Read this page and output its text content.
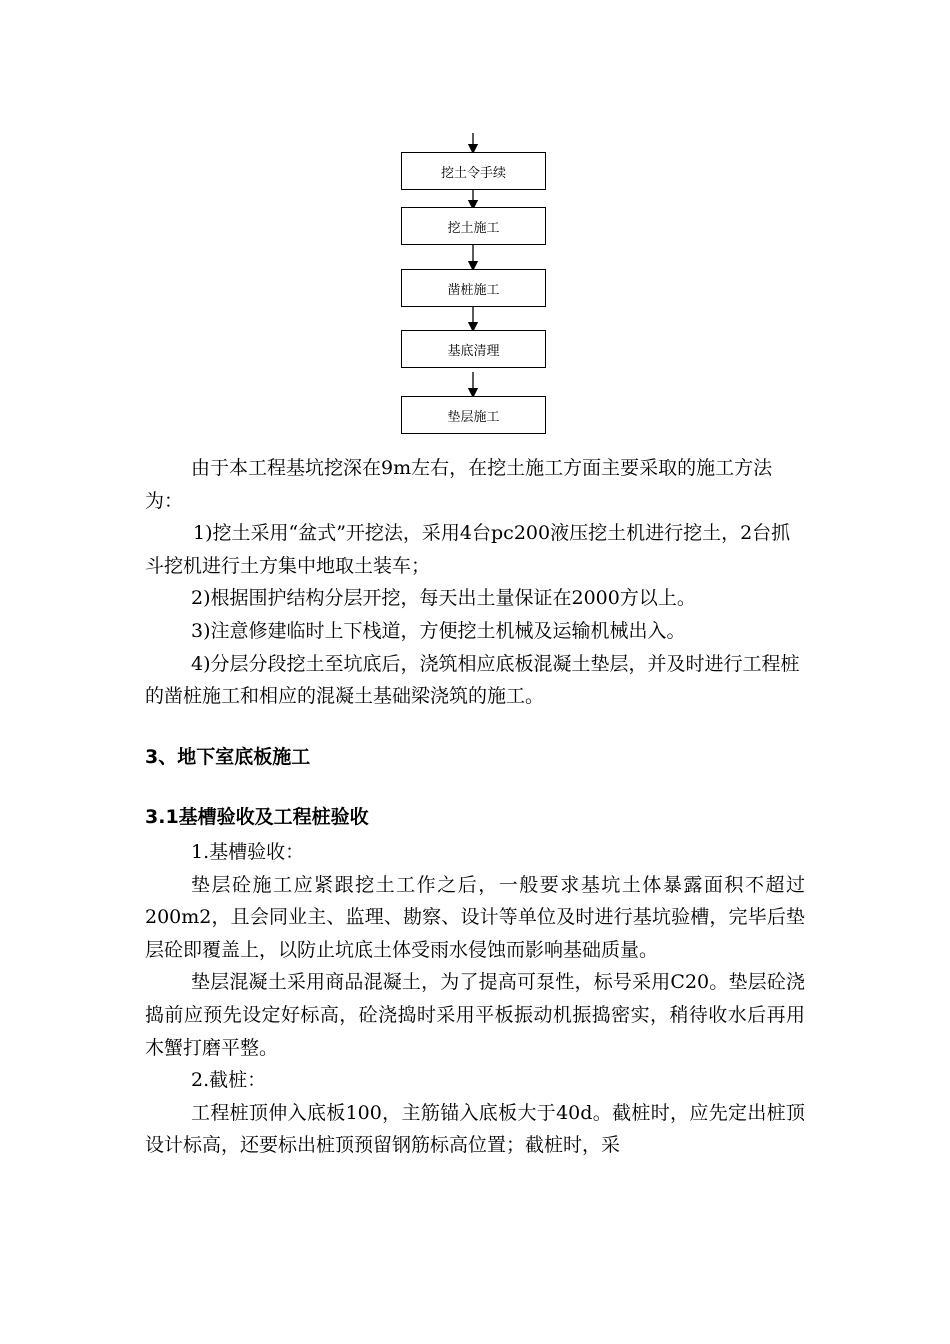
挖土令手续
挖土施工
凿桩施工
基底清理
垫层施工

由于本工程基坑挖深在9m左右，在挖土施工方面主要采取的施工方法为：

1)挖土采用“盆式”开挖法，采用4台pc200液压挖土机进行挖土，2台抓斗挖机进行土方集中地取土装车；

2)根据围护结构分层开挖，每天出土量保证在2000方以上。

3)注意修建临时上下栈道，方便挖土机械及运输机械出入。

4)分层分段挖土至坑底后，浇筑相应底板混凝土垫层，并及时进行工程桩的凿桩施工和相应的混凝土基础梁浇筑的施工。

3、地下室底板施工
3.1基槽验收及工程桩验收

1.基槽验收：

垫层砼施工应紧跟挖土工作之后，一般要求基坑土体暴露面积不超过200m2，且会同业主、监理、勘察、设计等单位及时进行基坑验槽，完毕后垫层砼即覆盖上，以防止坑底土体受雨水侵蚀而影响基础质量。

垫层混凝土采用商品混凝土，为了提高可泵性，标号采用C20。垫层砼浇捣前应预先设定好标高，砼浇捣时采用平板振动机振捣密实，稍待收水后再用木蟹打磨平整。

2.截桩：

工程桩顶伸入底板100，主筋锚入底板大于40d。截桩时，应先定出桩顶设计标高，还要标出桩顶预留钢筋标高位置；截桩时，采
